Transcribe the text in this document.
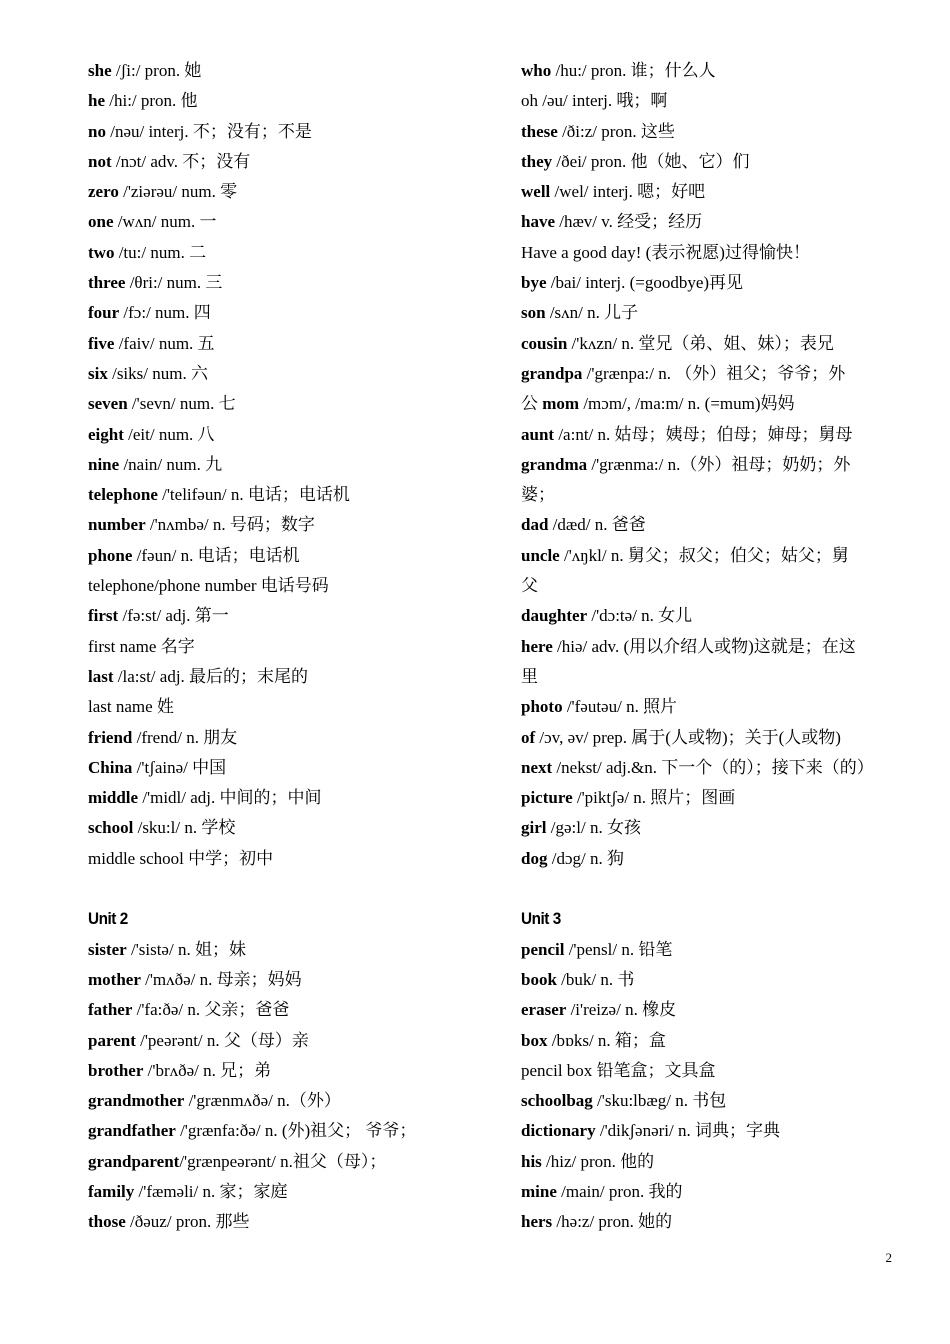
she /ʃi:/ pron. 她

he /hi:/ pron. 他

no /nəu/ interj. 不；没有；不是

not /nɔt/ adv. 不；没有

zero /'ziərəu/ num. 零

one /wʌn/ num. 一

two /tu:/ num. 二

three /θri:/ num. 三

four /fɔ:/ num. 四

five /faiv/ num. 五

six /siks/ num. 六

seven /'sevn/ num. 七

eight /eit/ num. 八

nine /nain/ num. 九

telephone /'telifəun/ n. 电话；电话机

number /'nʌmbə/ n. 号码；数字

phone /fəun/ n. 电话；电话机

telephone/phone number 电话号码

first /fə:st/ adj. 第一

first name 名字

last /la:st/ adj. 最后的；末尾的

last name 姓

friend /frend/ n. 朋友

China /'tʃainə/ 中国

middle /'midl/ adj. 中间的；中间

school /sku:l/ n. 学校

middle school 中学；初中

Unit 2

sister /'sistə/ n. 姐；妹

mother /'mʌðə/ n. 母亲；妈妈

father /'fa:ðə/ n. 父亲；爸爸

parent /'peərənt/ n. 父（母）亲

brother /'brʌðə/ n. 兄；弟

grandmother /'grænmʌðə/ n.（外）

grandfather /'grænfa:ðə/ n. (外)祖父； 爷爷；

grandparent/'grænpeərənt/ n.祖父（母）；

family /'fæməli/ n. 家；家庭

those /ðəuz/ pron. 那些

who /hu:/ pron. 谁；什么人

oh /əu/ interj. 哦；啊

these /ði:z/ pron. 这些

they /ðei/ pron. 他（她、它）们

well /wel/ interj. 嗯；好吧

have /hæv/ v. 经受；经历

Have a good day! (表示祝愿)过得愉快！

bye /bai/ interj. (=goodbye)再见

son /sʌn/ n. 儿子

cousin /'kʌzn/ n. 堂兄（弟、姐、妹）；表兄

grandpa /'grænpa:/ n. （外）祖父；爷爷；外

公 mom /mɔm/, /ma:m/ n. (=mum)妈妈

aunt /a:nt/ n. 姑母；姨母；伯母；婶母；舅母

grandma /'grænma:/ n.（外）祖母；奶奶；外

婆；

dad /dæd/ n. 爸爸

uncle /'ʌŋkl/ n. 舅父；叔父；伯父；姑父；舅

父

daughter /'dɔ:tə/ n. 女儿

here /hiə/ adv. (用以介绍人或物)这就是；在这

里

photo /'fəutəu/ n. 照片

of /ɔv, əv/ prep. 属于(人或物)；关于(人或物)

next /nekst/ adj.&n. 下一个（的）；接下来（的）

picture /'piktʃə/ n. 照片；图画

girl /gə:l/ n. 女孩

dog /dɔg/ n. 狗

Unit 3

pencil /'pensl/ n. 铅笔

book /buk/ n. 书

eraser /i'reizə/ n. 橡皮

box /bɒks/ n. 箱；盒

pencil box 铅笔盒；文具盒

schoolbag /'sku:lbæg/ n. 书包

dictionary /'dikʃənəri/ n. 词典；字典

his /hiz/ pron. 他的

mine /main/ pron. 我的

hers /hə:z/ pron. 她的

2
